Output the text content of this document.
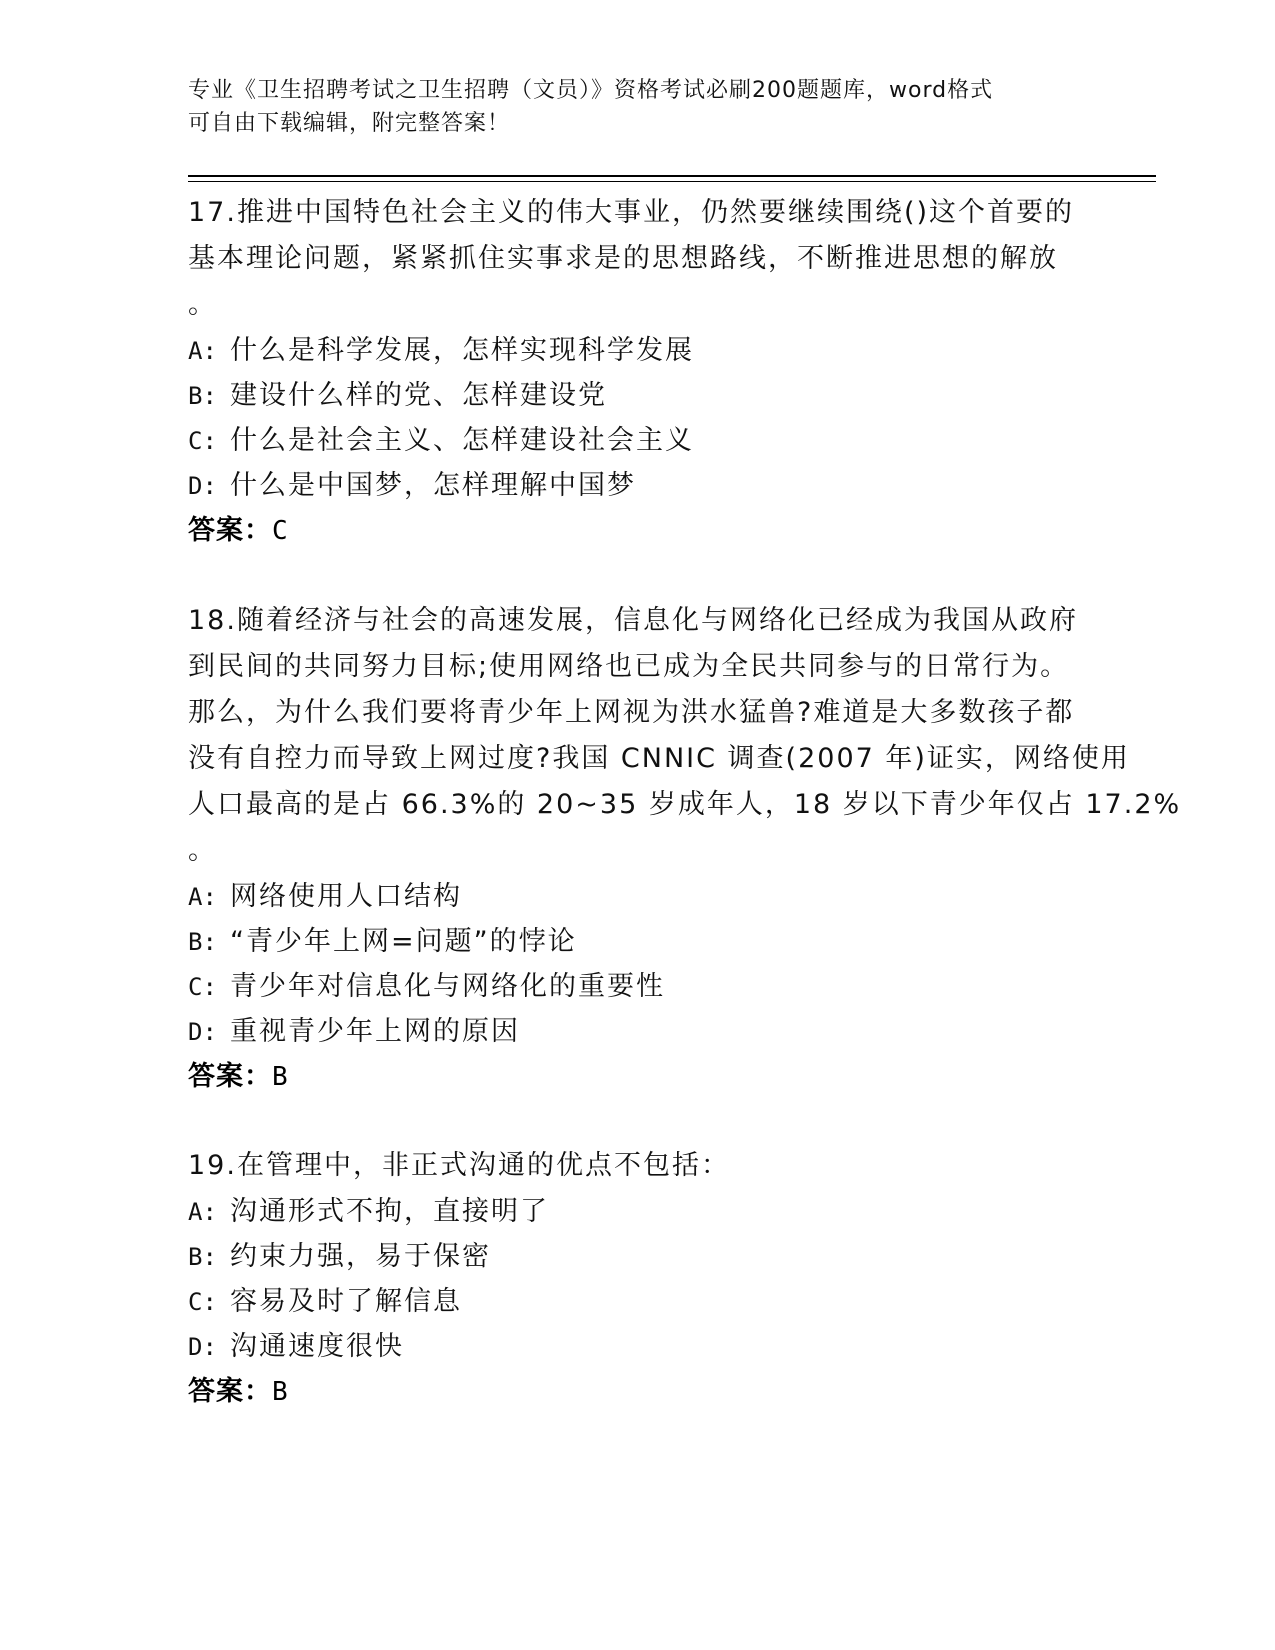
专业《卫生招聘考试之卫生招聘（文员）》资格考试必刷200题题库，word格式
可自由下载编辑，附完整答案！
17.推进中国特色社会主义的伟大事业，仍然要继续围绕()这个首要的
基本理论问题，紧紧抓住实事求是的思想路线，不断推进思想的解放
。
A: 什么是科学发展，怎样实现科学发展
B: 建设什么样的党、怎样建设党
C: 什么是社会主义、怎样建设社会主义
D: 什么是中国梦，怎样理解中国梦
答案：C
18.随着经济与社会的高速发展，信息化与网络化已经成为我国从政府
到民间的共同努力目标;使用网络也已成为全民共同参与的日常行为。
那么，为什么我们要将青少年上网视为洪水猛兽?难道是大多数孩子都
没有自控力而导致上网过度?我国 CNNIC 调查(2007 年)证实，网络使用
人口最高的是占 66.3%的 20~35 岁成年人，18 岁以下青少年仅占 17.2%
。
A: 网络使用人口结构
B: “青少年上网=问题”的悖论
C: 青少年对信息化与网络化的重要性
D: 重视青少年上网的原因
答案：B
19.在管理中，非正式沟通的优点不包括：
A: 沟通形式不拘，直接明了
B: 约束力强，易于保密
C: 容易及时了解信息
D: 沟通速度很快
答案：B
